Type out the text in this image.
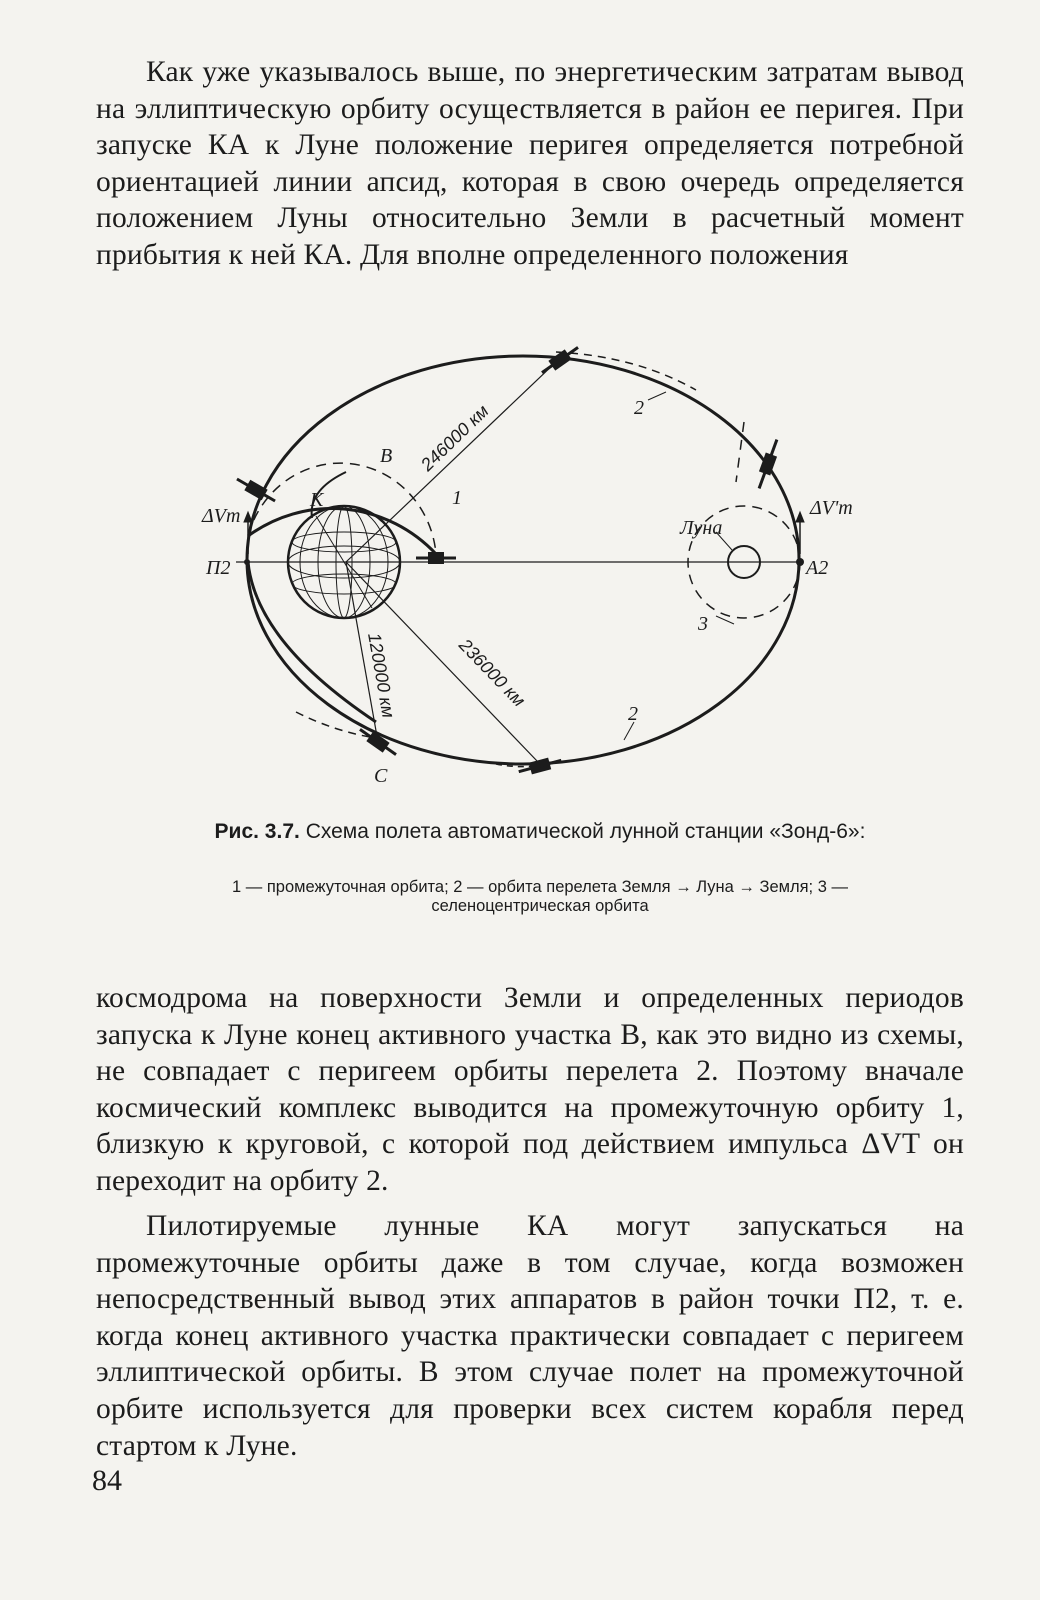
Как уже указывалось выше, по энергетическим затратам вывод на эллиптическую орбиту осуществляется в район ее перигея. При запуске КА к Луне положение перигея определяется потребной ориентацией линии апсид, которая в свою очередь определяется положением Луны относительно Земли в расчетный момент прибытия к ней КА. Для вполне определенного положения

246000 км
120000 км	236000 км
B
K
C
1
2
2
3
Луна
ΔVт	ΔV'т
П2	A2
Рис. 3.7. Схема полета автоматической лунной станции «Зонд-6»:
1 — промежуточная орбита; 2 — орбита перелета Земля → Луна → Земля; 3 — селеноцентрическая орбита

космодрома на поверхности Земли и определенных периодов запуска к Луне конец активного участка B, как это видно из схемы, не совпадает с перигеем орбиты перелета 2. Поэтому вначале космический комплекс выводится на промежуточную орбиту 1, близкую к круговой, с которой под действием импульса ΔVT он переходит на орбиту 2.

Пилотируемые лунные КА могут запускаться на промежуточные орбиты даже в том случае, когда возможен непосредственный вывод этих аппаратов в район точки П2, т. е. когда конец активного участка практически совпадает с перигеем эллиптической орбиты. В этом случае полет на промежуточной орбите используется для проверки всех систем корабля перед стартом к Луне.

84
